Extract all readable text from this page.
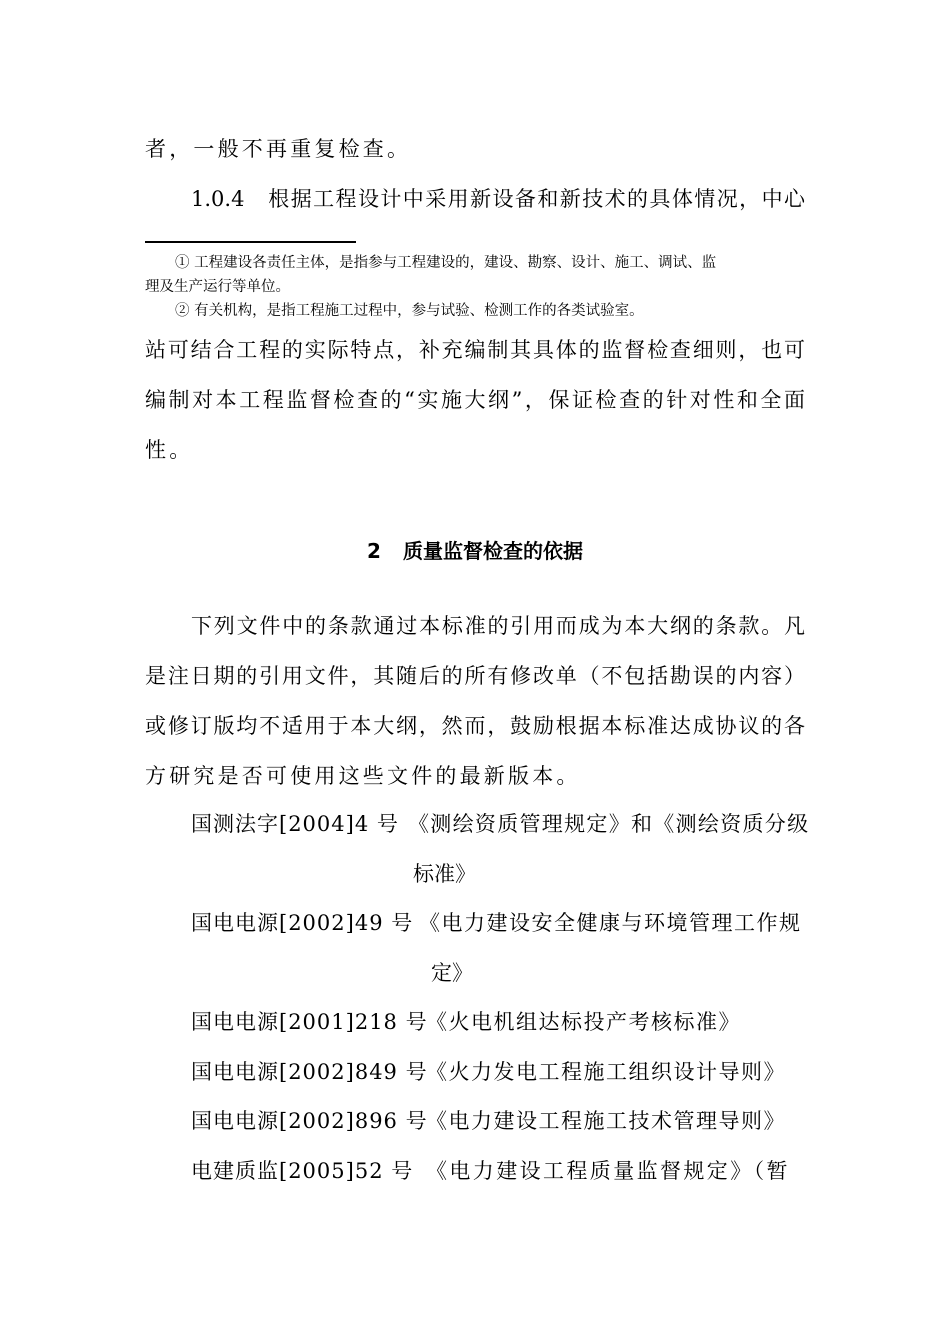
者，一般不再重复检查。
1.0.4　根据工程设计中采用新设备和新技术的具体情况，中心
① 工程建设各责任主体，是指参与工程建设的，建设、勘察、设计、施工、调试、监
理及生产运行等单位。
② 有关机构，是指工程施工过程中，参与试验、检测工作的各类试验室。
站可结合工程的实际特点，补充编制其具体的监督检查细则，也可
编制对本工程监督检查的“实施大纲”，保证检查的针对性和全面
性。
2 质量监督检查的依据
下列文件中的条款通过本标准的引用而成为本大纲的条款。凡
是注日期的引用文件，其随后的所有修改单（不包括勘误的内容）
或修订版均不适用于本大纲，然而，鼓励根据本标准达成协议的各
方研究是否可使用这些文件的最新版本。
国测法字[2004]4 号 《测绘资质管理规定》和《测绘资质分级
标准》
国电电源[2002]49 号 《电力建设安全健康与环境管理工作规
定》
国电电源[2001]218 号
《火电机组达标投产考核标准》
国电电源[2002]849 号
《火力发电工程施工组织设计导则》
国电电源[2002]896 号
《电力建设工程施工技术管理导则》
电建质监[2005]52 号 《电力建设工程质量监督规定》（暂
